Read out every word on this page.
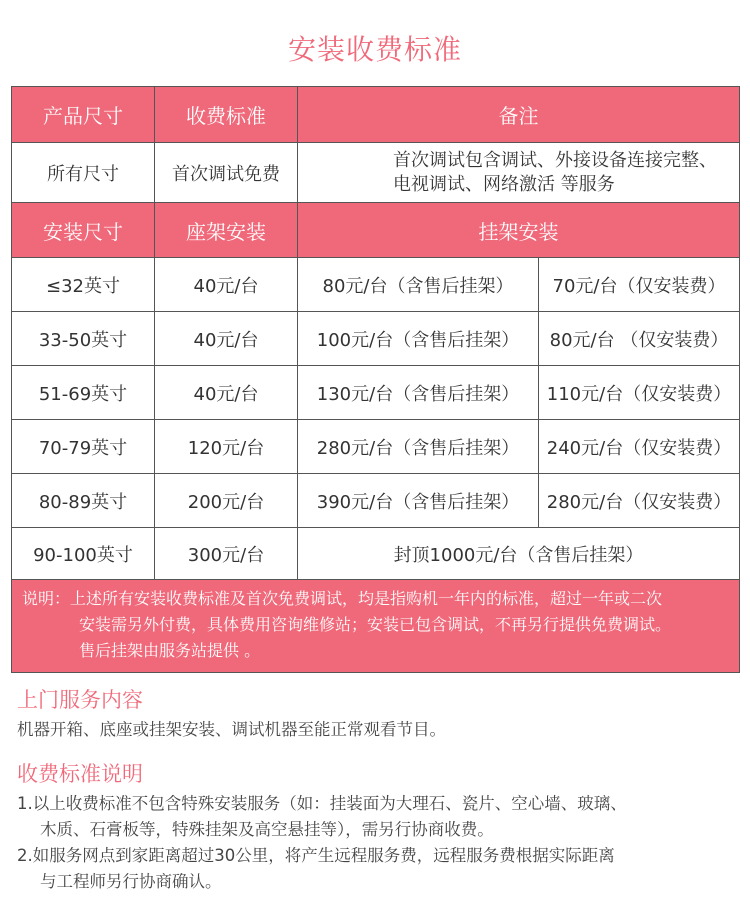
安装收费标准
产品尺寸	收费标准	备注	
所有尺寸	首次调试免费	首次调试包含调试、外接设备连接完整、
电视调试、网络激活 等服务	

安装尺寸	座架安装	挂架安装	
≤32英寸	40元/台	80元/台（含售后挂架）	70元/台（仅安装费）
33-50英寸	40元/台	100元/台（含售后挂架）	80元/台 （仅安装费）
51-69英寸	40元/台	130元/台（含售后挂架）	110元/台（仅安装费）
70-79英寸	120元/台	280元/台（含售后挂架）	240元/台（仅安装费）
80-89英寸	200元/台	390元/台（含售后挂架）	280元/台（仅安装费）
90-100英寸	300元/台	封顶1000元/台（含售后挂架）	

说明：上述所有安装收费标准及首次免费调试，均是指购机一年内的标准，超过一年或二次
安装需另外付费，具体费用咨询维修站；安装已包含调试，不再另行提供免费调试。
售后挂架由服务站提供 。			
上门服务内容
机器开箱、底座或挂架安装、调试机器至能正常观看节目。
收费标准说明
1.以上收费标准不包含特殊安装服务（如：挂装面为大理石、瓷片、空心墙、玻璃、
木质、石膏板等，特殊挂架及高空悬挂等），需另行协商收费。
2.如服务网点到家距离超过30公里，将产生远程服务费，远程服务费根据实际距离
与工程师另行协商确认。
